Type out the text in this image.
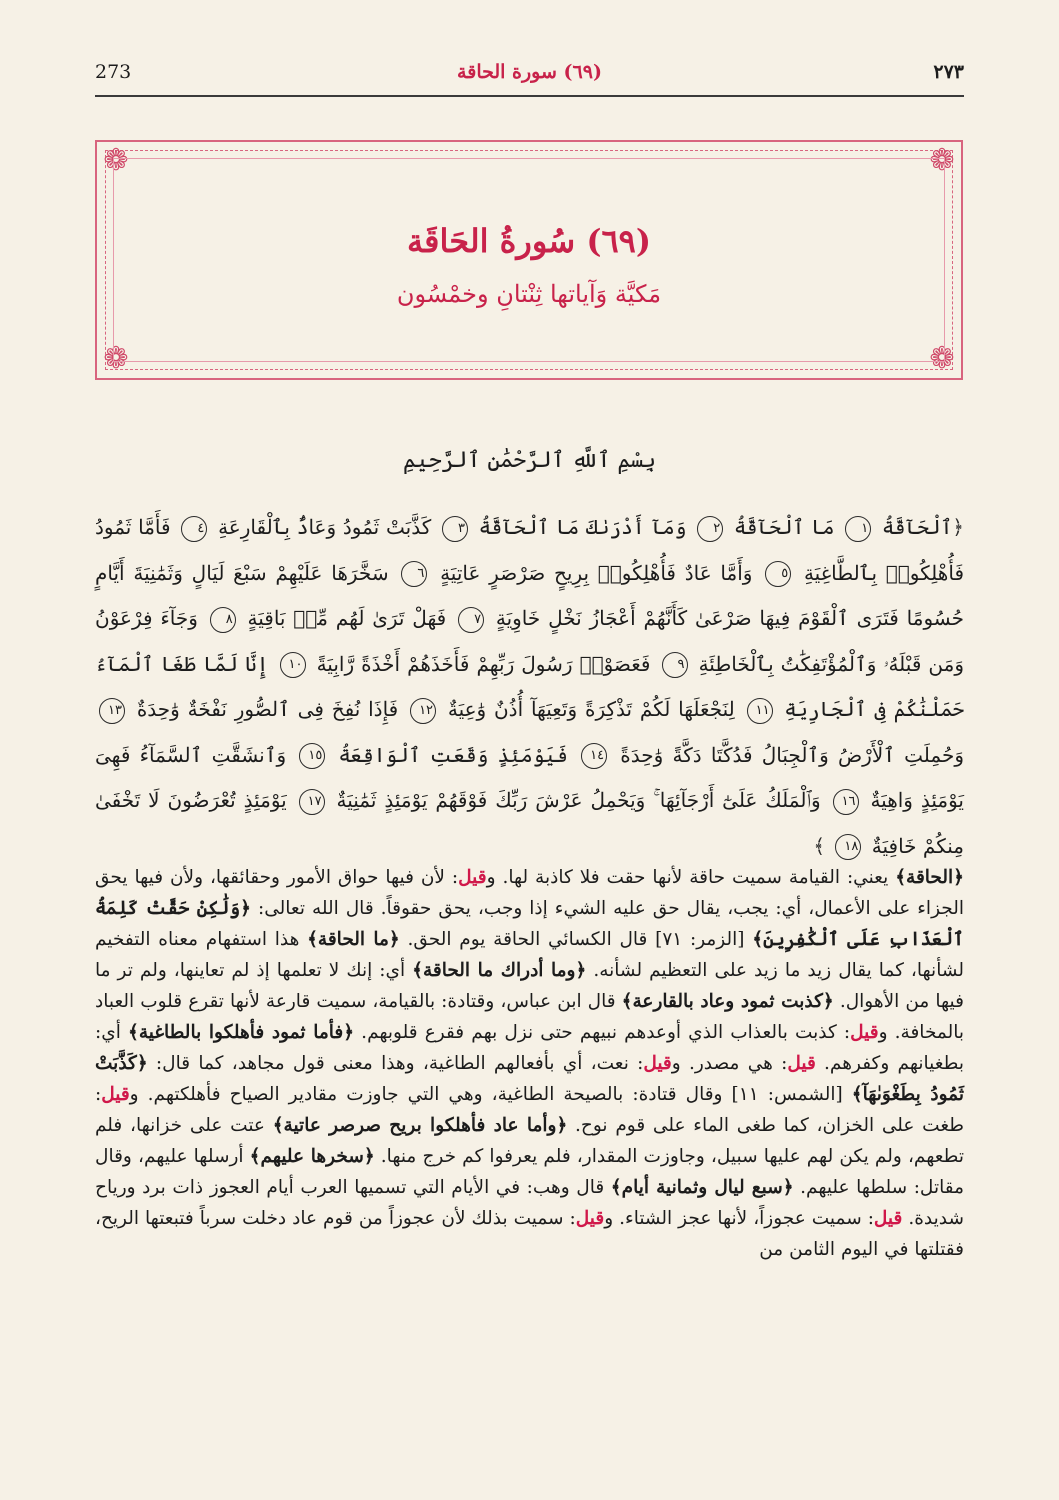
273	(٦٩) سورة الحاقة	٢٧٣
❁	❁
❁	❁
(٦٩) سُورةُ الحَاقَة
مَكيَّة وَآياتها ثِنْتانِ وخمْسُون
بِسْمِ ٱللَّهِ ٱلرَّحْمَٰنِ ٱلرَّحِيمِ
﴿ٱلْحَآقَّةُ ١ مَا ٱلْحَآقَّةُ ٢ وَمَآ أَدْرَىٰكَ مَا ٱلْحَآقَّةُ ٣ كَذَّبَتْ ثَمُودُ وَعَادٌۢ بِٱلْقَارِعَةِ ٤ فَأَمَّا ثَمُودُ فَأُهْلِكُوا۟ بِٱلطَّاغِيَةِ ٥ وَأَمَّا عَادٌ فَأُهْلِكُوا۟ بِرِيحٍ صَرْصَرٍ عَاتِيَةٍ ٦ سَخَّرَهَا عَلَيْهِمْ سَبْعَ لَيَالٍ وَثَمَٰنِيَةَ أَيَّامٍ حُسُومًا فَتَرَى ٱلْقَوْمَ فِيهَا صَرْعَىٰ كَأَنَّهُمْ أَعْجَازُ نَخْلٍ خَاوِيَةٍ ٧ فَهَلْ تَرَىٰ لَهُم مِّنۢ بَاقِيَةٍ ٨ وَجَآءَ فِرْعَوْنُ وَمَن قَبْلَهُۥ وَٱلْمُؤْتَفِكَٰتُ بِٱلْخَاطِئَةِ ٩ فَعَصَوْا۟ رَسُولَ رَبِّهِمْ فَأَخَذَهُمْ أَخْذَةً رَّابِيَةً ١٠ إِنَّا لَمَّا طَغَا ٱلْمَآءُ حَمَلْنَٰكُمْ فِى ٱلْجَارِيَةِ ١١ لِنَجْعَلَهَا لَكُمْ تَذْكِرَةً وَتَعِيَهَآ أُذُنٌ وَٰعِيَةٌ ١٢ فَإِذَا نُفِخَ فِى ٱلصُّورِ نَفْخَةٌ وَٰحِدَةٌ ١٣ وَحُمِلَتِ ٱلْأَرْضُ وَٱلْجِبَالُ فَدُكَّتَا دَكَّةً وَٰحِدَةً ١٤ فَيَوْمَئِذٍ وَقَعَتِ ٱلْوَاقِعَةُ ١٥ وَٱنشَقَّتِ ٱلسَّمَآءُ فَهِىَ يَوْمَئِذٍ وَاهِيَةٌ ١٦ وَٱلْمَلَكُ عَلَىٰٓ أَرْجَآئِهَا ۚ وَيَحْمِلُ عَرْشَ رَبِّكَ فَوْقَهُمْ يَوْمَئِذٍ ثَمَٰنِيَةٌ ١٧ يَوْمَئِذٍ تُعْرَضُونَ لَا تَخْفَىٰ مِنكُمْ خَافِيَةٌ ١٨ ﴾
﴿الحاقة﴾ يعني: القيامة سميت حاقة لأنها حقت فلا كاذبة لها. وقيل: لأن فيها حواق الأمور وحقائقها، ولأن فيها يحق الجزاء على الأعمال، أي: يجب، يقال حق عليه الشيء إذا وجب، يحق حقوقاً. قال الله تعالى: ﴿وَلَٰكِنْ حَقَّتْ كَلِمَةُ ٱلْعَذَابِ عَلَى ٱلْكَٰفِرِينَ﴾ [الزمر: ٧١] قال الكسائي الحاقة يوم الحق. ﴿ما الحاقة﴾ هذا استفهام معناه التفخيم لشأنها، كما يقال زيد ما زيد على التعظيم لشأنه. ﴿وما أدراك ما الحاقة﴾ أي: إنك لا تعلمها إذ لم تعاينها، ولم تر ما فيها من الأهوال. ﴿كذبت ثمود وعاد بالقارعة﴾ قال ابن عباس، وقتادة: بالقيامة، سميت قارعة لأنها تقرع قلوب العباد بالمخافة. وقيل: كذبت بالعذاب الذي أوعدهم نبيهم حتى نزل بهم فقرع قلوبهم. ﴿فأما ثمود فأهلكوا بالطاغية﴾ أي: بطغيانهم وكفرهم. قيل: هي مصدر. وقيل: نعت، أي بأفعالهم الطاغية، وهذا معنى قول مجاهد، كما قال: ﴿كَذَّبَتْ ثَمُودُ بِطَغْوَىٰهَآ﴾ [الشمس: ١١] وقال قتادة: بالصيحة الطاغية، وهي التي جاوزت مقادير الصياح فأهلكتهم. وقيل: طغت على الخزان، كما طغى الماء على قوم نوح. ﴿وأما عاد فأهلكوا بريح صرصر عاتية﴾ عتت على خزانها، فلم تطعهم، ولم يكن لهم عليها سبيل، وجاوزت المقدار، فلم يعرفوا كم خرج منها. ﴿سخرها عليهم﴾ أرسلها عليهم، وقال مقاتل: سلطها عليهم. ﴿سبع ليال وثمانية أيام﴾ قال وهب: في الأيام التي تسميها العرب أيام العجوز ذات برد ورياح شديدة. قيل: سميت عجوزاً، لأنها عجز الشتاء. وقيل: سميت بذلك لأن عجوزاً من قوم عاد دخلت سرباً فتبعتها الريح، فقتلتها في اليوم الثامن من
